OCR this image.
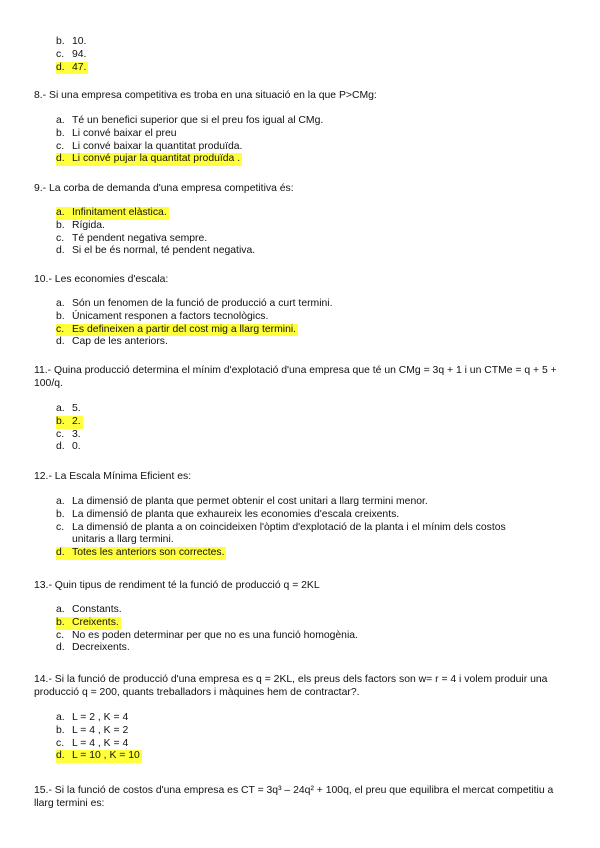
b. 10.
c. 94.
d. 47.
8.- Si una empresa competitiva es troba en una situació en la que P>CMg:
a. Té un benefici superior que si el preu fos igual al CMg.
b. Li convé baixar el preu
c. Li convé baixar la quantitat produïda.
d. Li convé pujar la quantitat produïda .
9.- La corba de demanda d'una empresa competitiva és:
a. Infinitament elàstica.
b. Rígida.
c. Té pendent negativa sempre.
d. Si el be és normal, té pendent negativa.
10.- Les economies d'escala:
a. Són un fenomen de la funció de producció a curt termini.
b. Únicament responen a factors tecnològics.
c. Es defineixen a partir del cost mig a llarg termini.
d. Cap de les anteriors.
11.- Quina producció determina el mínim d'explotació d'una empresa que té un CMg = 3q + 1 i un CTMe = q + 5 + 100/q.
a. 5.
b. 2.
c. 3.
d. 0.
12.- La Escala Mínima Eficient es:
a. La dimensió de planta que permet obtenir el cost unitari a llarg termini menor.
b. La dimensió de planta que exhaureix les economies d'escala creixents.
c. La dimensió de planta a on coincideixen l'òptim d'explotació de la planta i el mínim dels costos
unitaris a llarg termini.
d. Totes les anteriors son correctes.
13.- Quin tipus de rendiment té la funció de producció q = 2KL
a. Constants.
b. Creixents.
c. No es poden determinar per que no es una funció homogènia.
d. Decreixents.
14.- Si la funció de producció d'una empresa es q = 2KL, els preus dels factors son w= r = 4 i volem produir una producció q = 200, quants treballadors i màquines hem de contractar?.
a. L = 2 , K = 4
b. L = 4 , K = 2
c. L = 4 , K = 4
d. L = 10 , K = 10
15.- Si la funció de costos d'una empresa es CT = 3q³ – 24q² + 100q, el preu que equilibra el mercat competitiu a llarg termini es:
